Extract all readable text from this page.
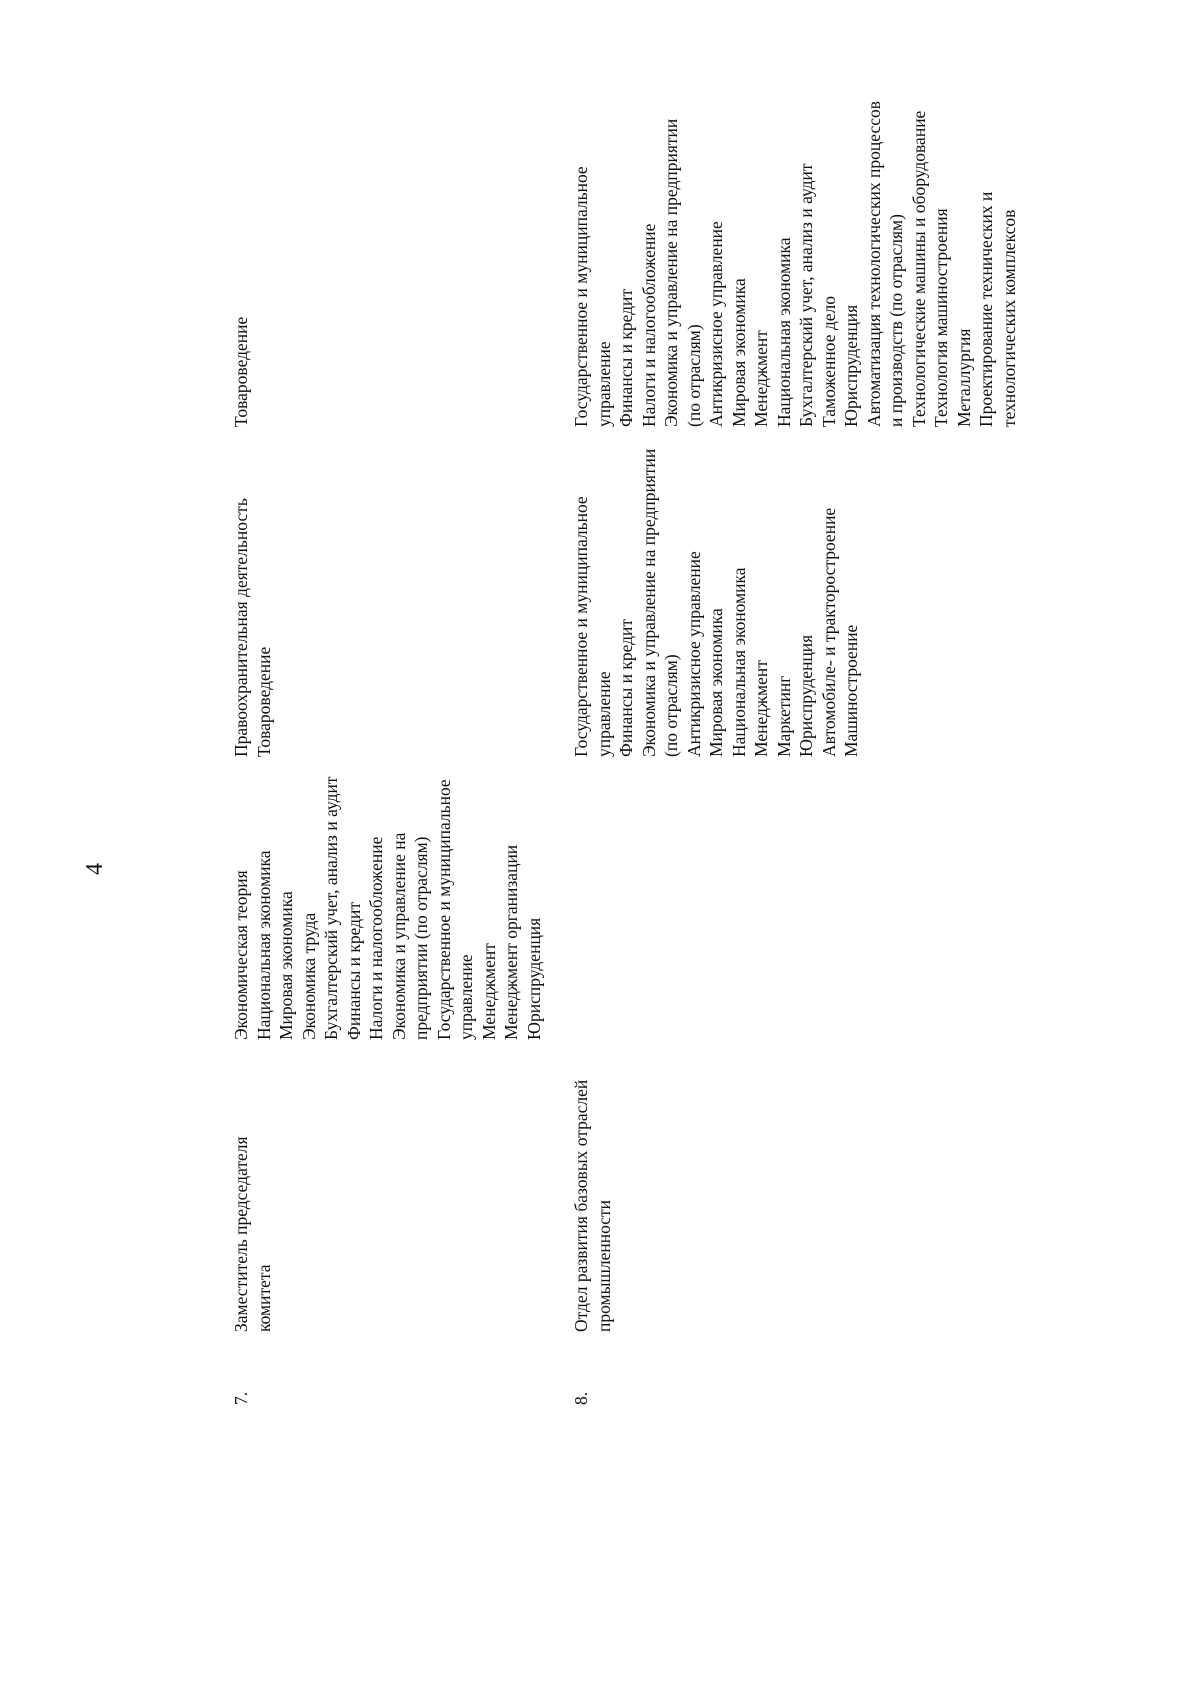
4
7.
Заместитель председателя комитета
Экономическая теория Национальная экономика Мировая экономика Экономика труда Бухгалтерский учет, анализ и аудит Финансы и кредит Налоги и налогообложение Экономика и управление на предприятии (по отраслям) Государственное и муниципальное управление Менеджмент Менеджмент организации Юриспруденция
Правоохранительная деятельность Товароведение
Товароведение
8.
Отдел развития базовых отраслей промышленности
Государственное и муниципальное управление Финансы и кредит Экономика и управление на предприятии (по отраслям) Антикризисное управление Мировая экономика Национальная экономика Менеджмент Маркетинг Юриспруденция Автомобиле- и тракторостроение Машиностроение
Государственное и муниципальное управление Финансы и кредит Налоги и налогообложение Экономика и управление на предприятии (по отраслям) Антикризисное управление Мировая экономика Менеджмент Национальная экономика Бухгалтерский учет, анализ и аудит Таможенное дело Юриспруденция Автоматизация технологических процессов и производств (по отраслям) Технологические машины и оборудование Технология машиностроения Металлургия Проектирование технических и технологических комплексов
